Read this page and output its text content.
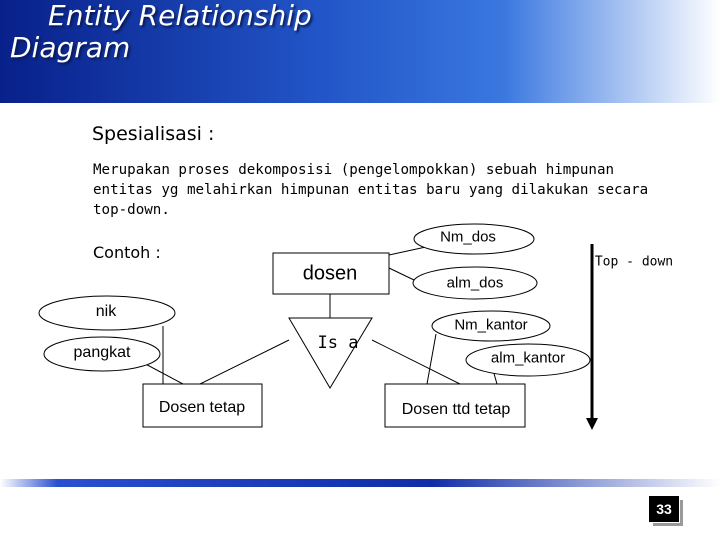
Entity Relationship
Diagram
Spesialisasi :
Merupakan proses dekomposisi (pengelompokkan) sebuah himpunan
entitas yg melahirkan himpunan entitas baru yang dilakukan secara
top-down.
Contoh :
dosen
Dosen tetap	Dosen ttd tetap
Is a
Nm_dos
alm_dos
Nm_kantor
alm_kantor
nik
pangkat
Top - down
33
